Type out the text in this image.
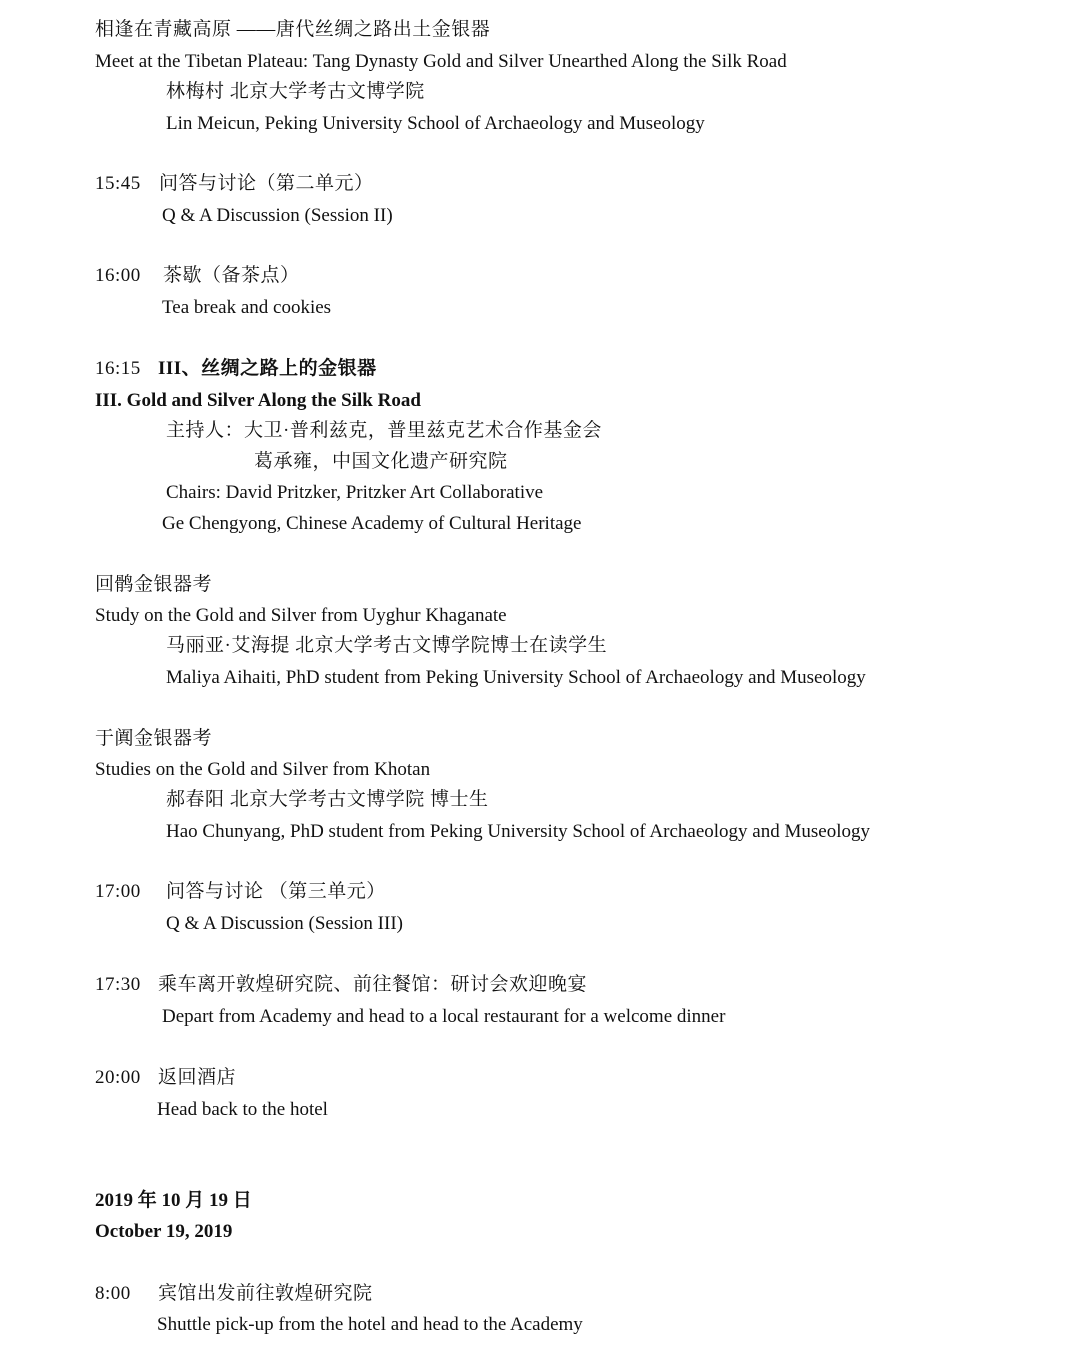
相逢在青藏高原 ——唐代丝绸之路出土金银器
Meet at the Tibetan Plateau: Tang Dynasty Gold and Silver Unearthed Along the Silk Road
林梅村 北京大学考古文博学院
Lin Meicun, Peking University School of Archaeology and Museology
15:45 问答与讨论（第二单元）
Q & A Discussion (Session II)
16:00 茶歇（备茶点）
Tea break and cookies
16:15 III、丝绸之路上的金银器
III. Gold and Silver Along the Silk Road
主持人：大卫·普利兹克，普里兹克艺术合作基金会
葛承雍，中国文化遗产研究院
Chairs: David Pritzker, Pritzker Art Collaborative
Ge Chengyong, Chinese Academy of Cultural Heritage
回鹘金银器考
Study on the Gold and Silver from Uyghur Khaganate
马丽亚·艾海提 北京大学考古文博学院博士在读学生
Maliya Aihaiti, PhD student from Peking University School of Archaeology and Museology
于阗金银器考
Studies on the Gold and Silver from Khotan
郝春阳 北京大学考古文博学院 博士生
Hao Chunyang, PhD student from Peking University School of Archaeology and Museology
17:00 问答与讨论 （第三单元）
Q & A Discussion (Session III)
17:30 乘车离开敦煌研究院、前往餐馆：研讨会欢迎晚宴
Depart from Academy and head to a local restaurant for a welcome dinner
20:00 返回酒店
Head back to the hotel
2019 年 10 月 19 日
October 19, 2019
8:00 宾馆出发前往敦煌研究院
Shuttle pick-up from the hotel and head to the Academy
